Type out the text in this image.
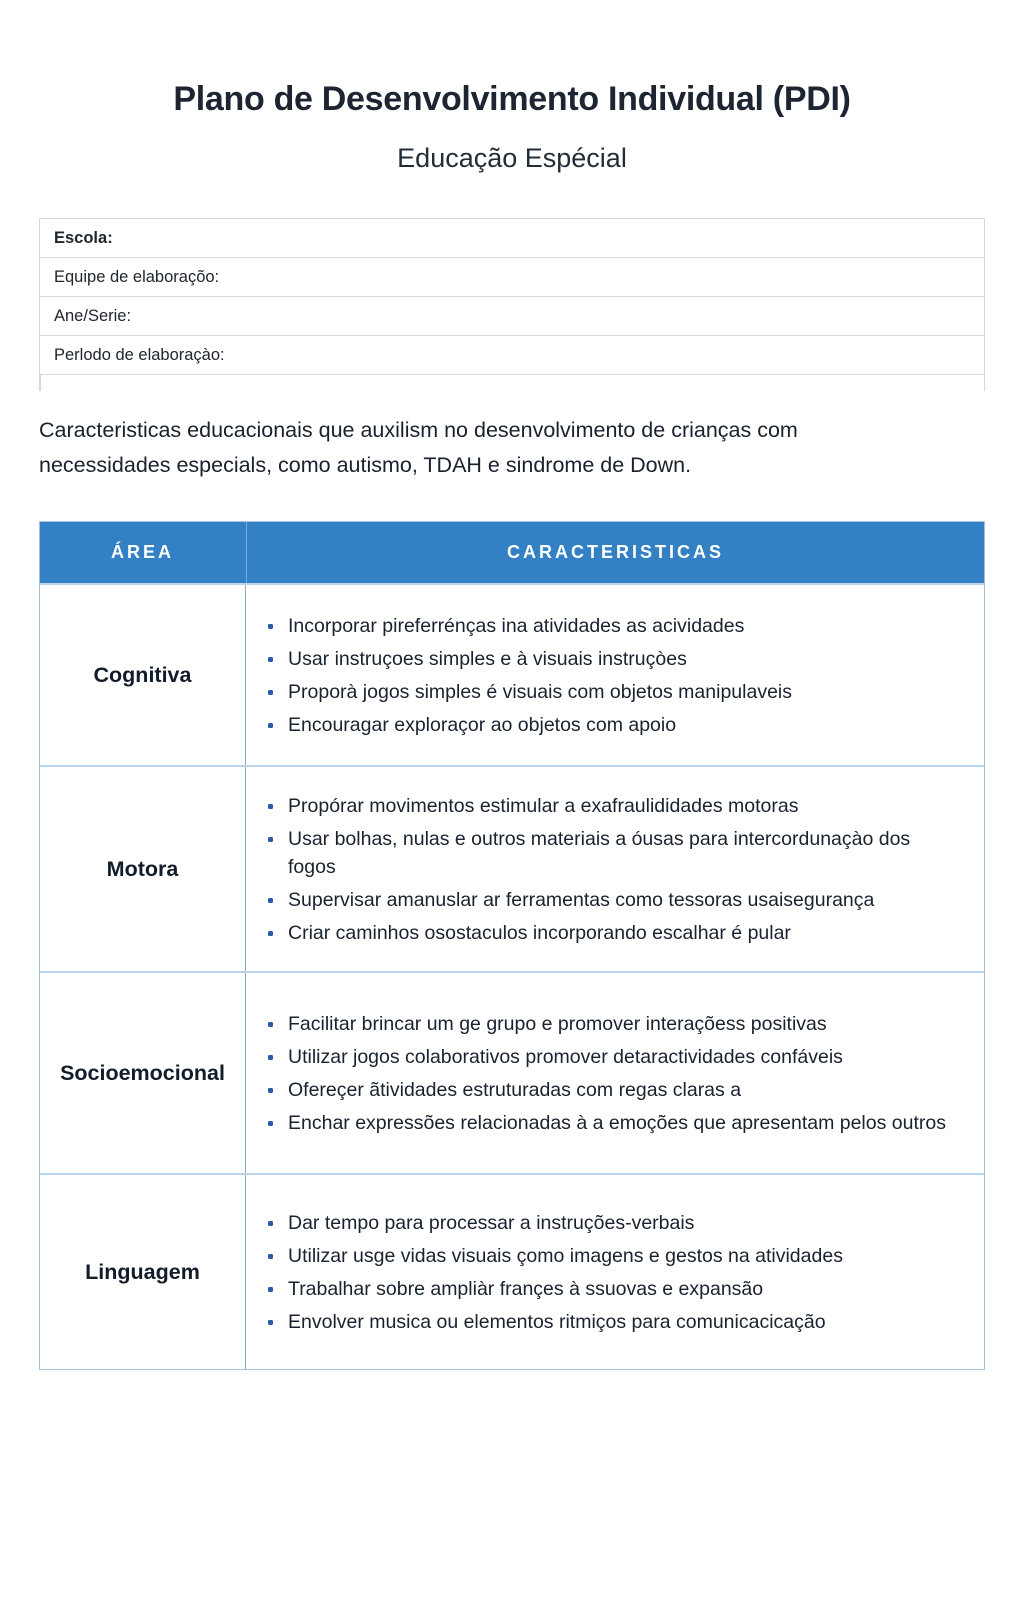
Plano de Desenvolvimento Individual (PDI)
Educação Espécial
Escola:
Equipe de elaboraçõo:
Ane/Serie:
Perlodo de elaboraçào:

Caracteristicas educacionais que auxilism no desenvolvimento de crianças com
necessidades especials, como autismo, TDAH e sindrome de Down.

ÁREA	CARACTERISTICAS
Cognitiva
Incorporar pireferrénças ina atividades as acividades
Usar instruçoes simples e à visuais instruçòes
Proporà jogos simples é visuais com objetos manipulaveis
Encouragar exploraçor ao objetos com apoio
Motora
Propórar movimentos estimular a exafraulididades motoras
Usar bolhas, nulas e outros materiais a óusas para intercordunaçào dos fogos
Supervisar amanuslar ar ferramentas como tessoras usaisegurança
Criar caminhos osostaculos incorporando escalhar é pular
Socioemocional
Facilitar brincar um ge grupo e promover interaçõess positivas
Utilizar jogos colaborativos promover detaractividades confáveis
Ofereçer ãtividades estruturadas com regas claras a
Enchar expressões relacionadas à a emoções que apresentam pelos outros
Linguagem
Dar tempo para processar a instruções-verbais
Utilizar usge vidas visuais çomo imagens e gestos na atividades
Trabalhar sobre ampliàr françes à ssuovas e expansão
Envolver musica ou elementos ritmiços para comunicacicação
